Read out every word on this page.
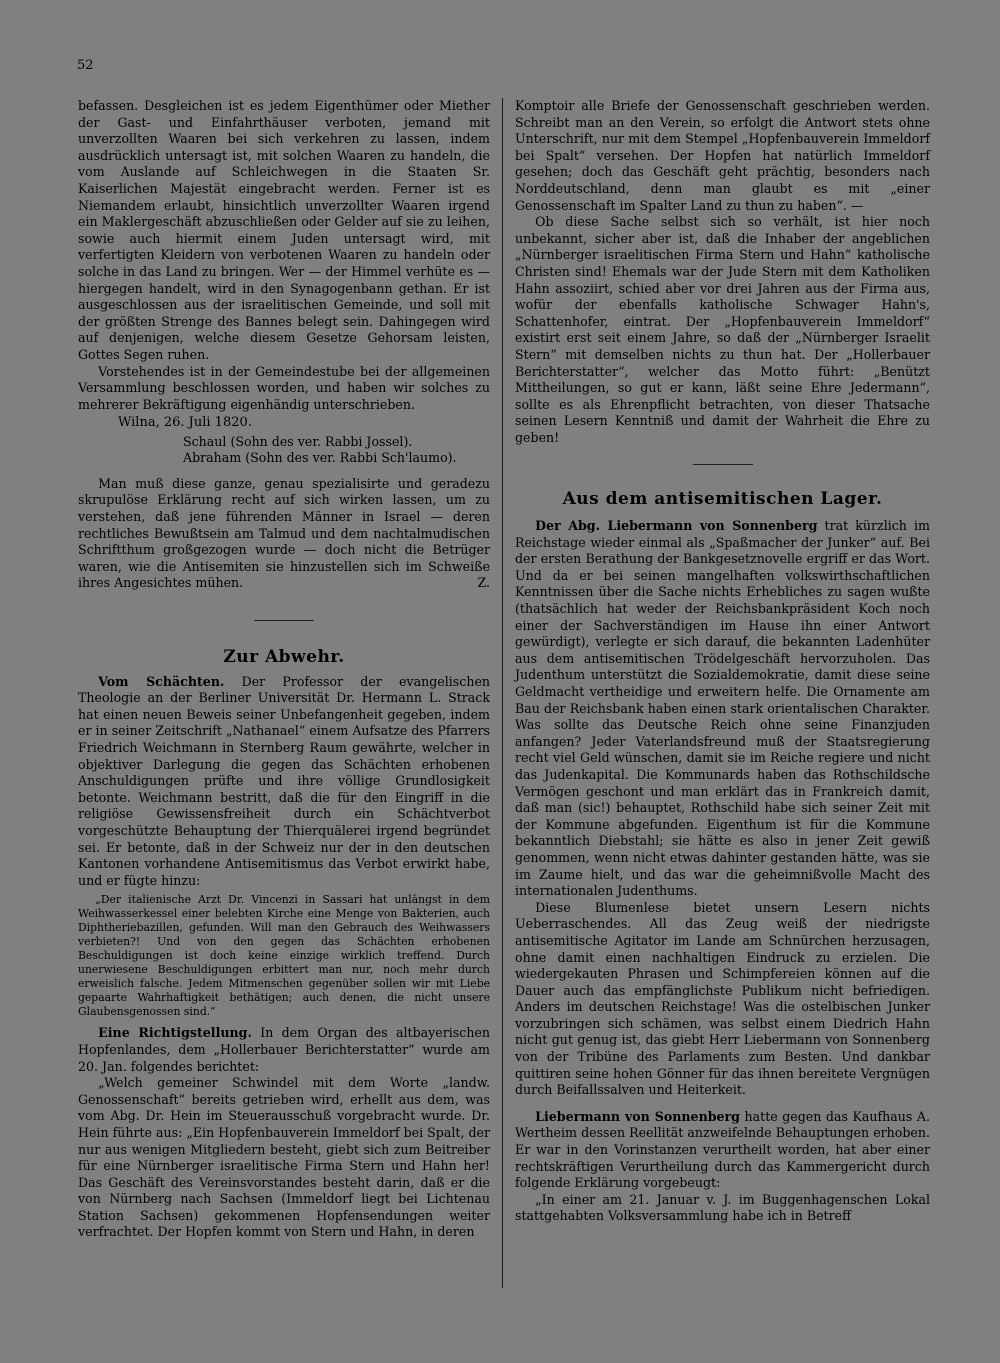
52

befassen. Desgleichen ist es jedem Eigenthümer oder Miether der Gast- und Einfahrthäuser verboten, jemand mit unverzollten Waaren bei sich verkehren zu lassen, indem ausdrücklich untersagt ist, mit solchen Waaren zu handeln, die vom Auslande auf Schleichwegen in die Staaten Sr. Kaiserlichen Majestät eingebracht werden. Ferner ist es Niemandem erlaubt, hinsichtlich unverzollter Waaren irgend ein Maklergeschäft abzuschließen oder Gelder auf sie zu leihen, sowie auch hiermit einem Juden untersagt wird, mit verfertigten Kleidern von verbotenen Waaren zu handeln oder solche in das Land zu bringen. Wer — der Himmel verhüte es — hiergegen handelt, wird in den Synagogenbann gethan. Er ist ausgeschlossen aus der israelitischen Gemeinde, und soll mit der größten Strenge des Bannes belegt sein. Dahingegen wird auf denjenigen, welche diesem Gesetze Gehorsam leisten, Gottes Segen ruhen.

Vorstehendes ist in der Gemeindestube bei der allgemeinen Versammlung beschlossen worden, und haben wir solches zu mehrerer Bekräftigung eigenhändig unterschrieben.

Wilna, 26. Juli 1820.

Schaul (Sohn des ver. Rabbi Jossel).

Abraham (Sohn des ver. Rabbi Sch'laumo).

Man muß diese ganze, genau spezialisirte und geradezu skrupulöse Erklärung recht auf sich wirken lassen, um zu verstehen, daß jene führenden Männer in Israel — deren rechtliches Bewußtsein am Talmud und dem nachtalmudischen Schriftthum großgezogen wurde — doch nicht die Betrüger waren, wie die Antisemiten sie hinzustellen sich im Schweiße ihres Angesichtes mühen.	Z.

Zur Abwehr.

Vom Schächten. Der Professor der evangelischen Theologie an der Berliner Universität Dr. Hermann L. Strack hat einen neuen Beweis seiner Unbefangenheit gegeben, indem er in seiner Zeitschrift „Nathanael“ einem Aufsatze des Pfarrers Friedrich Weichmann in Sternberg Raum gewährte, welcher in objektiver Darlegung die gegen das Schächten erhobenen Anschuldigungen prüfte und ihre völlige Grundlosigkeit betonte. Weichmann bestritt, daß die für den Eingriff in die religiöse Gewissensfreiheit durch ein Schächtverbot vorgeschützte Behauptung der Thierquälerei irgend begründet sei. Er betonte, daß in der Schweiz nur der in den deutschen Kantonen vorhandene Antisemitismus das Verbot erwirkt habe, und er fügte hinzu:

„Der italienische Arzt Dr. Vincenzi in Sassari hat unlängst in dem Weihwasserkessel einer belebten Kirche eine Menge von Bakterien, auch Diphtheriebazillen, gefunden. Will man den Gebrauch des Weihwassers verbieten?! Und von den gegen das Schächten erhobenen Beschuldigungen ist doch keine einzige wirklich treffend. Durch unerwiesene Beschuldigungen erbittert man nur, noch mehr durch erweislich falsche. Jedem Mitmenschen gegenüber sollen wir mit Liebe gepaarte Wahrhaftigkeit bethätigen; auch denen, die nicht unsere Glaubensgenossen sind.“

Eine Richtigstellung. In dem Organ des altbayerischen Hopfenlandes, dem „Hollerbauer Berichterstatter“ wurde am 20. Jan. folgendes berichtet:

„Welch gemeiner Schwindel mit dem Worte „landw. Genossenschaft“ bereits getrieben wird, erhellt aus dem, was vom Abg. Dr. Hein im Steuerausschuß vorgebracht wurde. Dr. Hein führte aus: „Ein Hopfenbauverein Immeldorf bei Spalt, der nur aus wenigen Mitgliedern besteht, giebt sich zum Beitreiber für eine Nürnberger israelitische Firma Stern und Hahn her! Das Geschäft des Vereinsvorstandes besteht darin, daß er die von Nürnberg nach Sachsen (Immeldorf liegt bei Lichtenau Station Sachsen) gekommenen Hopfensendungen weiter verfrachtet. Der Hopfen kommt von Stern und Hahn, in deren

Komptoir alle Briefe der Genossenschaft geschrieben werden. Schreibt man an den Verein, so erfolgt die Antwort stets ohne Unterschrift, nur mit dem Stempel „Hopfenbauverein Immeldorf bei Spalt“ versehen. Der Hopfen hat natürlich Immeldorf gesehen; doch das Geschäft geht prächtig, besonders nach Norddeutschland, denn man glaubt es mit „einer Genossenschaft im Spalter Land zu thun zu haben“. —

Ob diese Sache selbst sich so verhält, ist hier noch unbekannt, sicher aber ist, daß die Inhaber der angeblichen „Nürnberger israelitischen Firma Stern und Hahn“ katholische Christen sind! Ehemals war der Jude Stern mit dem Katholiken Hahn assoziirt, schied aber vor drei Jahren aus der Firma aus, wofür der ebenfalls katholische Schwager Hahn's, Schattenhofer, eintrat. Der „Hopfenbauverein Immeldorf“ existirt erst seit einem Jahre, so daß der „Nürnberger Israelit Stern“ mit demselben nichts zu thun hat. Der „Hollerbauer Berichterstatter“, welcher das Motto führt: „Benützt Mittheilungen, so gut er kann, läßt seine Ehre Jedermann“, sollte es als Ehrenpflicht betrachten, von dieser Thatsache seinen Lesern Kenntniß und damit der Wahrheit die Ehre zu geben!

Aus dem antisemitischen Lager.

Der Abg. Liebermann von Sonnenberg trat kürzlich im Reichstage wieder einmal als „Spaßmacher der Junker“ auf. Bei der ersten Berathung der Bankgesetznovelle ergriff er das Wort. Und da er bei seinen mangelhaften volkswirthschaftlichen Kenntnissen über die Sache nichts Erhebliches zu sagen wußte (thatsächlich hat weder der Reichsbankpräsident Koch noch einer der Sachverständigen im Hause ihn einer Antwort gewürdigt), verlegte er sich darauf, die bekannten Ladenhüter aus dem antisemitischen Trödelgeschäft hervorzuholen. Das Judenthum unterstützt die Sozialdemokratie, damit diese seine Geldmacht vertheidige und erweitern helfe. Die Ornamente am Bau der Reichsbank haben einen stark orientalischen Charakter. Was sollte das Deutsche Reich ohne seine Finanzjuden anfangen? Jeder Vaterlandsfreund muß der Staatsregierung recht viel Geld wünschen, damit sie im Reiche regiere und nicht das Judenkapital. Die Kommunards haben das Rothschildsche Vermögen geschont und man erklärt das in Frankreich damit, daß man (sic!) behauptet, Rothschild habe sich seiner Zeit mit der Kommune abgefunden. Eigenthum ist für die Kommune bekanntlich Diebstahl; sie hätte es also in jener Zeit gewiß genommen, wenn nicht etwas dahinter gestanden hätte, was sie im Zaume hielt, und das war die geheimnißvolle Macht des internationalen Judenthums.

Diese Blumenlese bietet unsern Lesern nichts Ueberraschendes. All das Zeug weiß der niedrigste antisemitische Agitator im Lande am Schnürchen herzusagen, ohne damit einen nachhaltigen Eindruck zu erzielen. Die wiedergekauten Phrasen und Schimpfereien können auf die Dauer auch das empfänglichste Publikum nicht befriedigen. Anders im deutschen Reichstage! Was die ostelbischen Junker vorzubringen sich schämen, was selbst einem Diedrich Hahn nicht gut genug ist, das giebt Herr Liebermann von Sonnenberg von der Tribüne des Parlaments zum Besten. Und dankbar quittiren seine hohen Gönner für das ihnen bereitete Vergnügen durch Beifallssalven und Heiterkeit.

Liebermann von Sonnenberg hatte gegen das Kaufhaus A. Wertheim dessen Reellität anzweifelnde Behauptungen erhoben. Er war in den Vorinstanzen verurtheilt worden, hat aber einer rechtskräftigen Verurtheilung durch das Kammergericht durch folgende Erklärung vorgebeugt:

„In einer am 21. Januar v. J. im Buggenhagenschen Lokal stattgehabten Volksversammlung habe ich in Betreff
